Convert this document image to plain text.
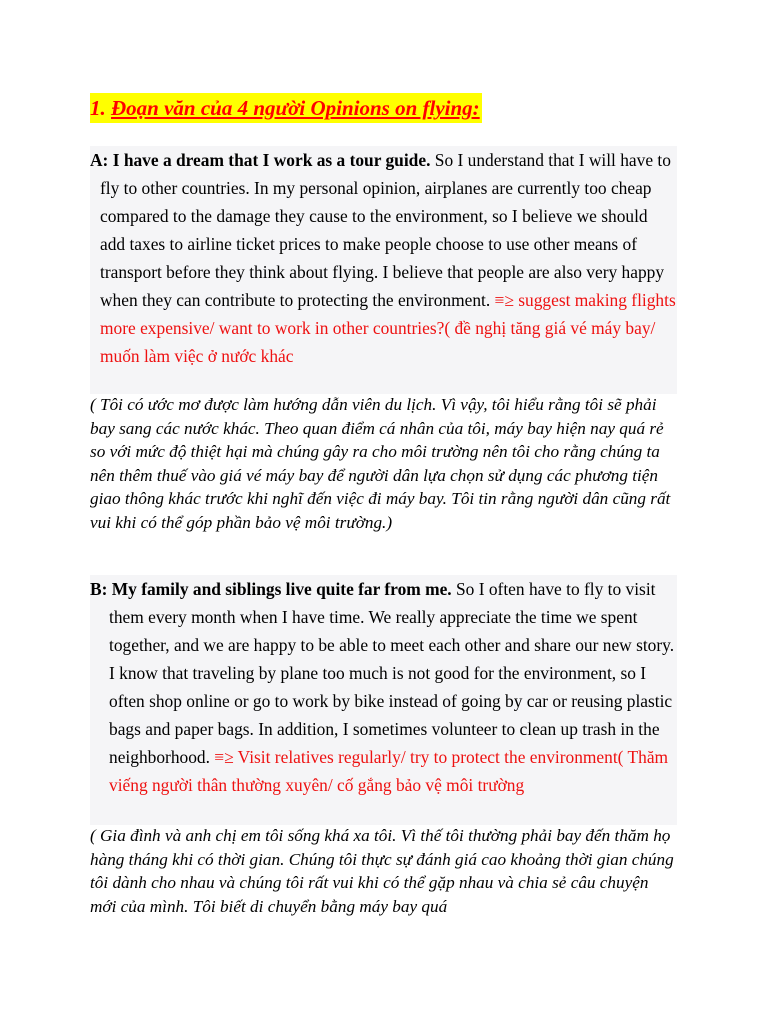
1. Đoạn văn của 4 người Opinions on flying:

A: I have a dream that I work as a tour guide. So I understand that I will have to fly to other countries. In my personal opinion, airplanes are currently too cheap compared to the damage they cause to the environment, so I believe we should add taxes to airline ticket prices to make people choose to use other means of transport before they think about flying. I believe that people are also very happy when they can contribute to protecting the environment. ≡≥ suggest making flights more expensive/ want to work in other countries?( đề nghị tăng giá vé máy bay/ muốn làm việc ở nước khác

( Tôi có ước mơ được làm hướng dẫn viên du lịch. Vì vậy, tôi hiểu rằng tôi sẽ phải bay sang các nước khác. Theo quan điểm cá nhân của tôi, máy bay hiện nay quá rẻ so với mức độ thiệt hại mà chúng gây ra cho môi trường nên tôi cho rằng chúng ta nên thêm thuế vào giá vé máy bay để người dân lựa chọn sử dụng các phương tiện giao thông khác trước khi nghĩ đến việc đi máy bay. Tôi tin rằng người dân cũng rất vui khi có thể góp phần bảo vệ môi trường.)

B: My family and siblings live quite far from me. So I often have to fly to visit them every month when I have time. We really appreciate the time we spent together, and we are happy to be able to meet each other and share our new story. I know that traveling by plane too much is not good for the environment, so I often shop online or go to work by bike instead of going by car or reusing plastic bags and paper bags. In addition, I sometimes volunteer to clean up trash in the neighborhood. ≡≥ Visit relatives regularly/ try to protect the environment( Thăm viếng người thân thường xuyên/ cố gắng bảo vệ môi trường

( Gia đình và anh chị em tôi sống khá xa tôi. Vì thế tôi thường phải bay đến thăm họ hàng tháng khi có thời gian. Chúng tôi thực sự đánh giá cao khoảng thời gian chúng tôi dành cho nhau và chúng tôi rất vui khi có thể gặp nhau và chia sẻ câu chuyện mới của mình. Tôi biết di chuyển bằng máy bay quá
